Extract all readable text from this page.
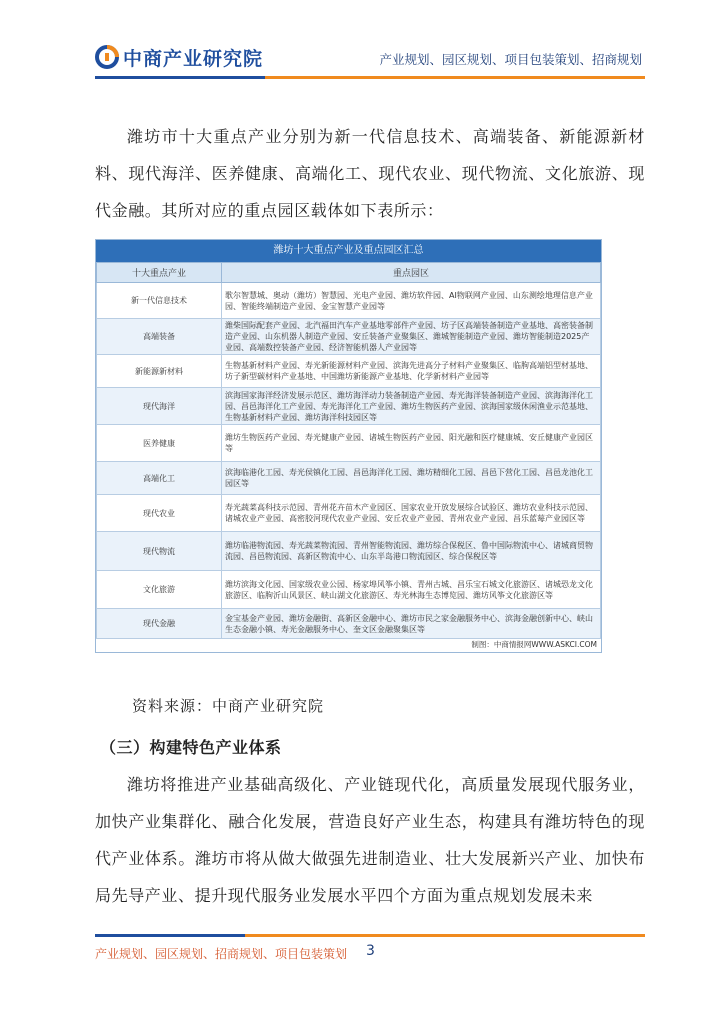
中商产业研究院	产业规划、园区规划、项目包装策划、招商规划

潍坊市十大重点产业分别为新一代信息技术、高端装备、新能源新材料、现代海洋、医养健康、高端化工、现代农业、现代物流、文化旅游、现代金融。其所对应的重点园区载体如下表所示：

潍坊十大重点产业及重点园区汇总
十大重点产业	重点园区
新一代信息技术	歌尔智慧城、奥动（潍坊）智慧园、光电产业园、潍坊软件园、AI物联网产业园、山东测绘地理信息产业园、智能终端制造产业园、金宝智慧产业园等
高端装备	潍柴国际配套产业园、北汽福田汽车产业基地零部件产业园、坊子区高端装备制造产业基地、高密装备制造产业园、山东机器人制造产业园、安丘装备产业聚集区、潍城智能制造产业园、潍坊智能制造2025产业园、高端数控装备产业园、经济智能机器人产业园等
新能源新材料	生物基新材料产业园、寿光新能源材料产业园、滨海先进高分子材料产业聚集区、临朐高端铝型材基地、坊子新型碳材料产业基地、中国潍坊新能源产业基地、化学新材料产业园等
现代海洋	滨海国家海洋经济发展示范区、潍坊海洋动力装备制造产业园、寿光海洋装备制造产业园、滨海海洋化工园、昌邑海洋化工产业园、寿光海洋化工产业园、潍坊生物医药产业园、滨海国家级休闲渔业示范基地、生物基新材料产业园、潍坊海洋科技园区等
医养健康	潍坊生物医药产业园、寿光健康产业园、诸城生物医药产业园、阳光融和医疗健康城、安丘健康产业园区等
高端化工	滨海临港化工园、寿光侯镇化工园、昌邑海洋化工园、潍坊精细化工园、昌邑下营化工园、昌邑龙池化工园区等
现代农业	寿光蔬菜高科技示范园、青州花卉苗木产业园区、国家农业开放发展综合试验区、潍坊农业科技示范园、诸城农业产业园、高密胶河现代农业产业园、安丘农业产业园、青州农业产业园、昌乐蓝莓产业园区等
现代物流	潍坊临港物流园、寿光蔬菜物流园、青州智能物流园、潍坊综合保税区、鲁中国际物流中心、诸城商贸物流园、昌邑物流园、高新区物流中心、山东半岛港口物流园区、综合保税区等
文化旅游	潍坊滨海文化园、国家级农业公园、杨家埠风筝小镇、青州古城、昌乐宝石城文化旅游区、诸城恐龙文化旅游区、临朐沂山风景区、峡山湖文化旅游区、寿光林海生态博览园、潍坊风筝文化旅游区等
现代金融	金宝基金产业园、潍坊金融街、高新区金融中心、潍坊市民之家金融服务中心、滨海金融创新中心、峡山生态金融小镇、寿光金融服务中心、奎文区金融聚集区等
制图：中商情报网WWW.ASKCI.COM
资料来源：中商产业研究院
（三）构建特色产业体系

潍坊将推进产业基础高级化、产业链现代化，高质量发展现代服务业，加快产业集群化、融合化发展，营造良好产业生态，构建具有潍坊特色的现代产业体系。潍坊市将从做大做强先进制造业、壮大发展新兴产业、加快布局先导产业、提升现代服务业发展水平四个方面为重点规划发展未来

产业规划、园区规划、招商规划、项目包装策划 3
